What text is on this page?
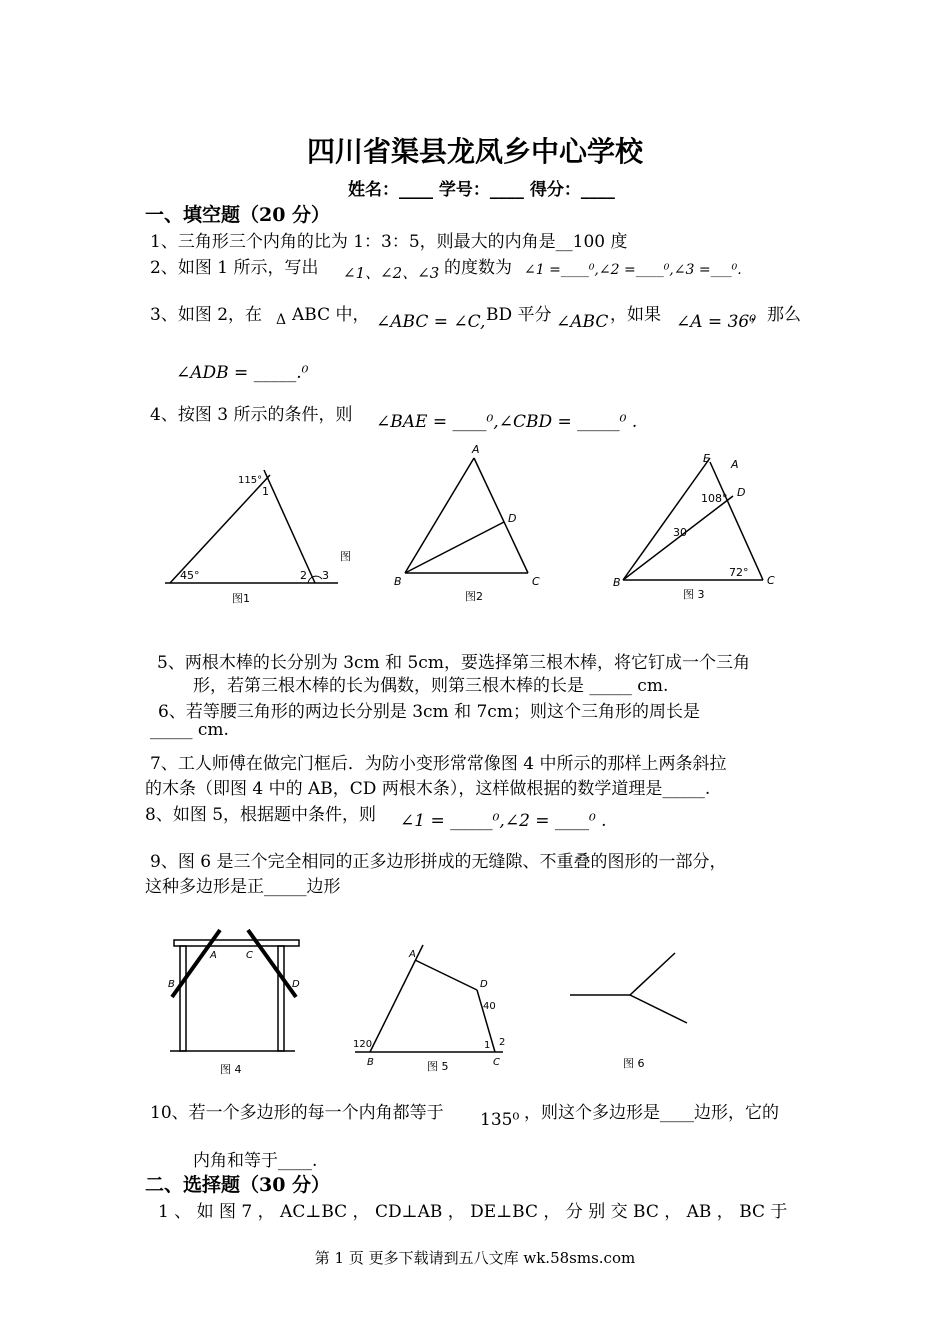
四川省渠县龙凤乡中心学校
姓名：____ 学号：____ 得分：____
一、填空题（20 分）
1、三角形三个内角的比为 1：3：5，则最大的内角是__100 度
2、如图 1 所示，写出 ∠1、∠2、∠3 的度数为 ∠1 =____⁰,∠2 =____⁰,∠3 =___⁰.
3、如图 2，在 Δ ABC 中， ∠ABC = ∠C, BD 平分 ∠ABC ，如果 ∠A = 36⁰
，那么
∠ADB = _____.⁰
4、按图 3 所示的条件，则 ∠BAE = ____⁰,∠CBD = _____⁰ .
115°
1
45°	2 3
图
图1
A
B	C
D
图2
E A
D
B	C
108°
30
72°
图 3
5、两根木棒的长分别为 3cm 和 5cm，要选择第三根木棒，将它钉成一个三角
形，若第三根木棒的长为偶数，则第三根木棒的长是 _____ cm.
6、若等腰三角形的两边长分别是 3cm 和 7cm；则这个三角形的周长是
_____ cm.
7、工人师傅在做完门框后．为防小变形常常像图 4 中所示的那样上两条斜拉
的木条（即图 4 中的 AB，CD 两根木条），这样做根据的数学道理是_____.
8、如图 5，根据题中条件，则 ∠1 = _____⁰,∠2 = ____⁰ .
9、图 6 是三个完全相同的正多边形拼成的无缝隙、不重叠的图形的一部分，
这种多边形是正_____边形
A	C
B	D
图 4
A
D
B	C
1 2
120
40
图 5	图 6
10、若一个多边形的每一个内角都等于 135⁰ ，则这个多边形是____边形，它的
内角和等于____.
二、选择题（30 分）
1 、 如 图 7 ， AC⊥BC ， CD⊥AB ， DE⊥BC ， 分 别 交 BC ， AB ， BC 于
第 1 页 更多下载请到五八文库 wk.58sms.com
